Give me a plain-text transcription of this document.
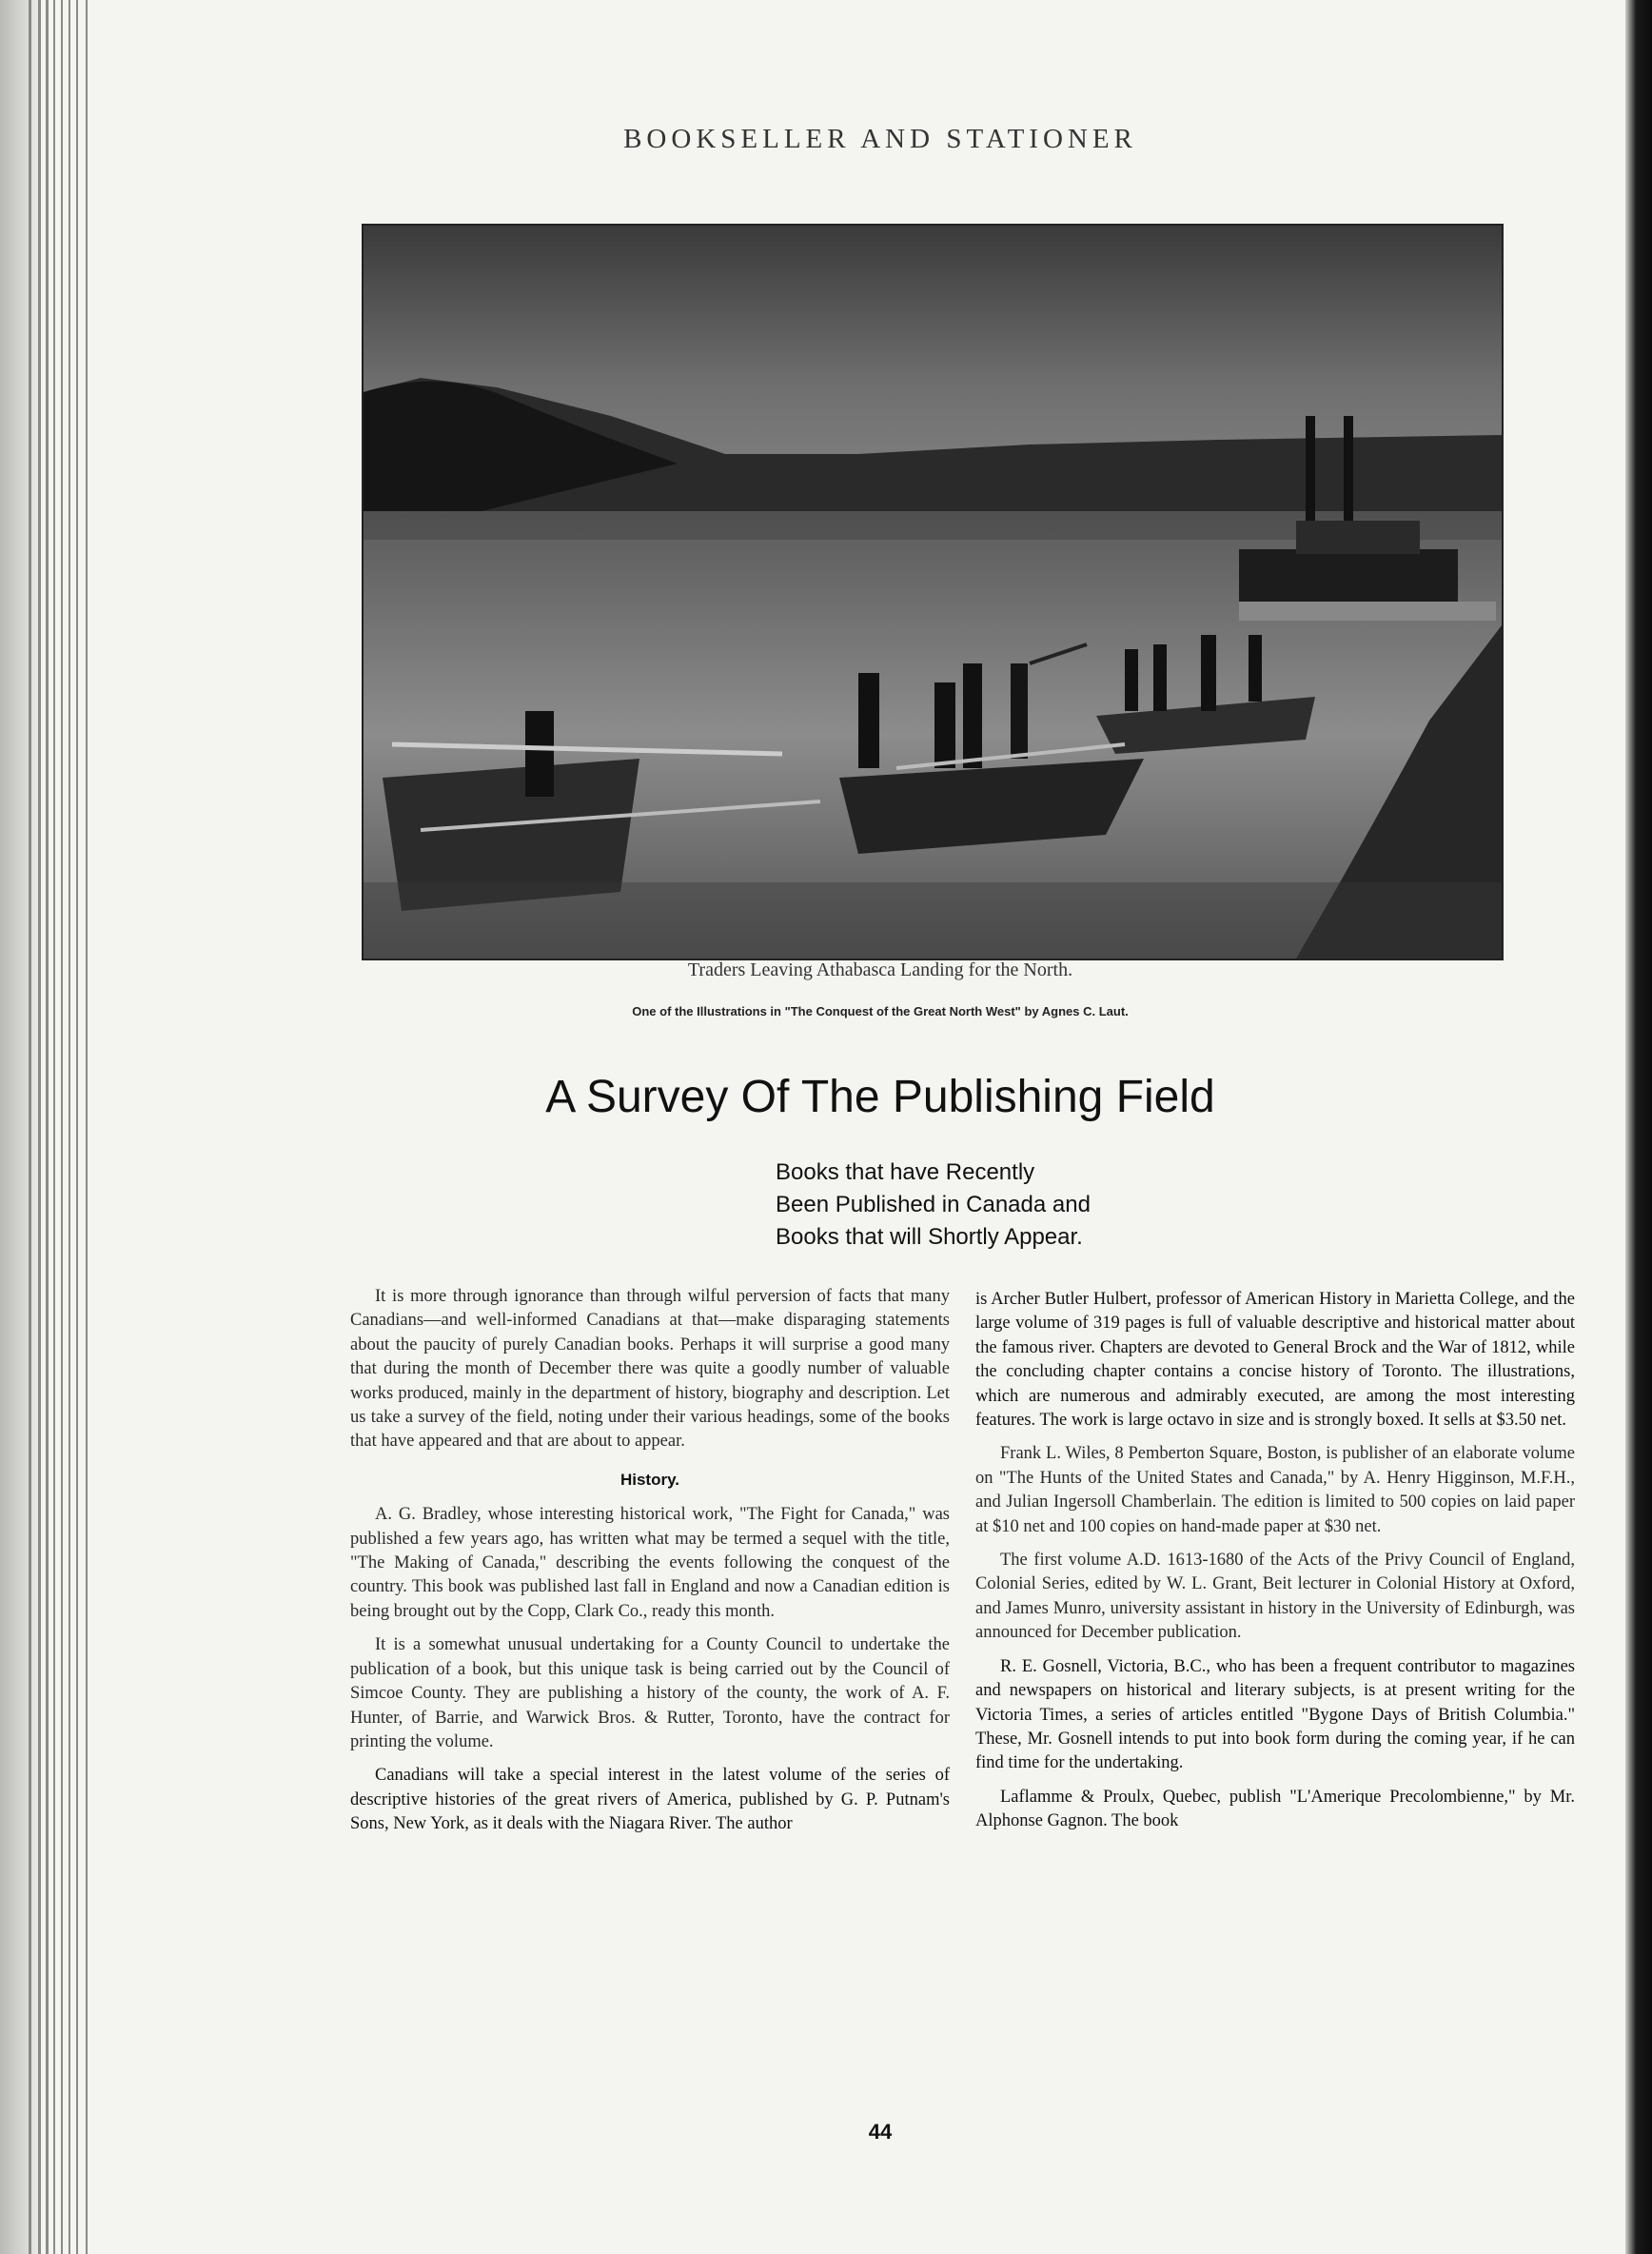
BOOKSELLER AND STATIONER
Traders Leaving Athabasca Landing for the North.
One of the Illustrations in "The Conquest of the Great North West" by Agnes C. Laut.
A Survey Of The Publishing Field
Books that have Recently
Been Published in Canada and
Books that will Shortly Appear.

It is more through ignorance than through wilful perversion of facts that many Canadians—and well-informed Canadians at that—make disparaging statements about the paucity of purely Canadian books. Perhaps it will surprise a good many that during the month of December there was quite a goodly number of valuable works produced, mainly in the department of history, biography and description. Let us take a survey of the field, noting under their various headings, some of the books that have appeared and that are about to appear.

History.

A. G. Bradley, whose interesting historical work, "The Fight for Canada," was published a few years ago, has written what may be termed a sequel with the title, "The Making of Canada," describing the events following the conquest of the country. This book was published last fall in England and now a Canadian edition is being brought out by the Copp, Clark Co., ready this month.

It is a somewhat unusual undertaking for a County Council to undertake the publication of a book, but this unique task is being carried out by the Council of Simcoe County. They are publishing a history of the county, the work of A. F. Hunter, of Barrie, and Warwick Bros. & Rutter, Toronto, have the contract for printing the volume.

Canadians will take a special interest in the latest volume of the series of descriptive histories of the great rivers of America, published by G. P. Putnam's Sons, New York, as it deals with the Niagara River. The author

is Archer Butler Hulbert, professor of American History in Marietta College, and the large volume of 319 pages is full of valuable descriptive and historical matter about the famous river. Chapters are devoted to General Brock and the War of 1812, while the concluding chapter contains a concise history of Toronto. The illustrations, which are numerous and admirably executed, are among the most interesting features. The work is large octavo in size and is strongly boxed. It sells at $3.50 net.

Frank L. Wiles, 8 Pemberton Square, Boston, is publisher of an elaborate volume on "The Hunts of the United States and Canada," by A. Henry Higginson, M.F.H., and Julian Ingersoll Chamberlain. The edition is limited to 500 copies on laid paper at $10 net and 100 copies on hand-made paper at $30 net.

The first volume A.D. 1613-1680 of the Acts of the Privy Council of England, Colonial Series, edited by W. L. Grant, Beit lecturer in Colonial History at Oxford, and James Munro, university assistant in history in the University of Edinburgh, was announced for December publication.

R. E. Gosnell, Victoria, B.C., who has been a frequent contributor to magazines and newspapers on historical and literary subjects, is at present writing for the Victoria Times, a series of articles entitled "Bygone Days of British Columbia." These, Mr. Gosnell intends to put into book form during the coming year, if he can find time for the undertaking.

Laflamme & Proulx, Quebec, publish "L'Amerique Precolombienne," by Mr. Alphonse Gagnon. The book

44
